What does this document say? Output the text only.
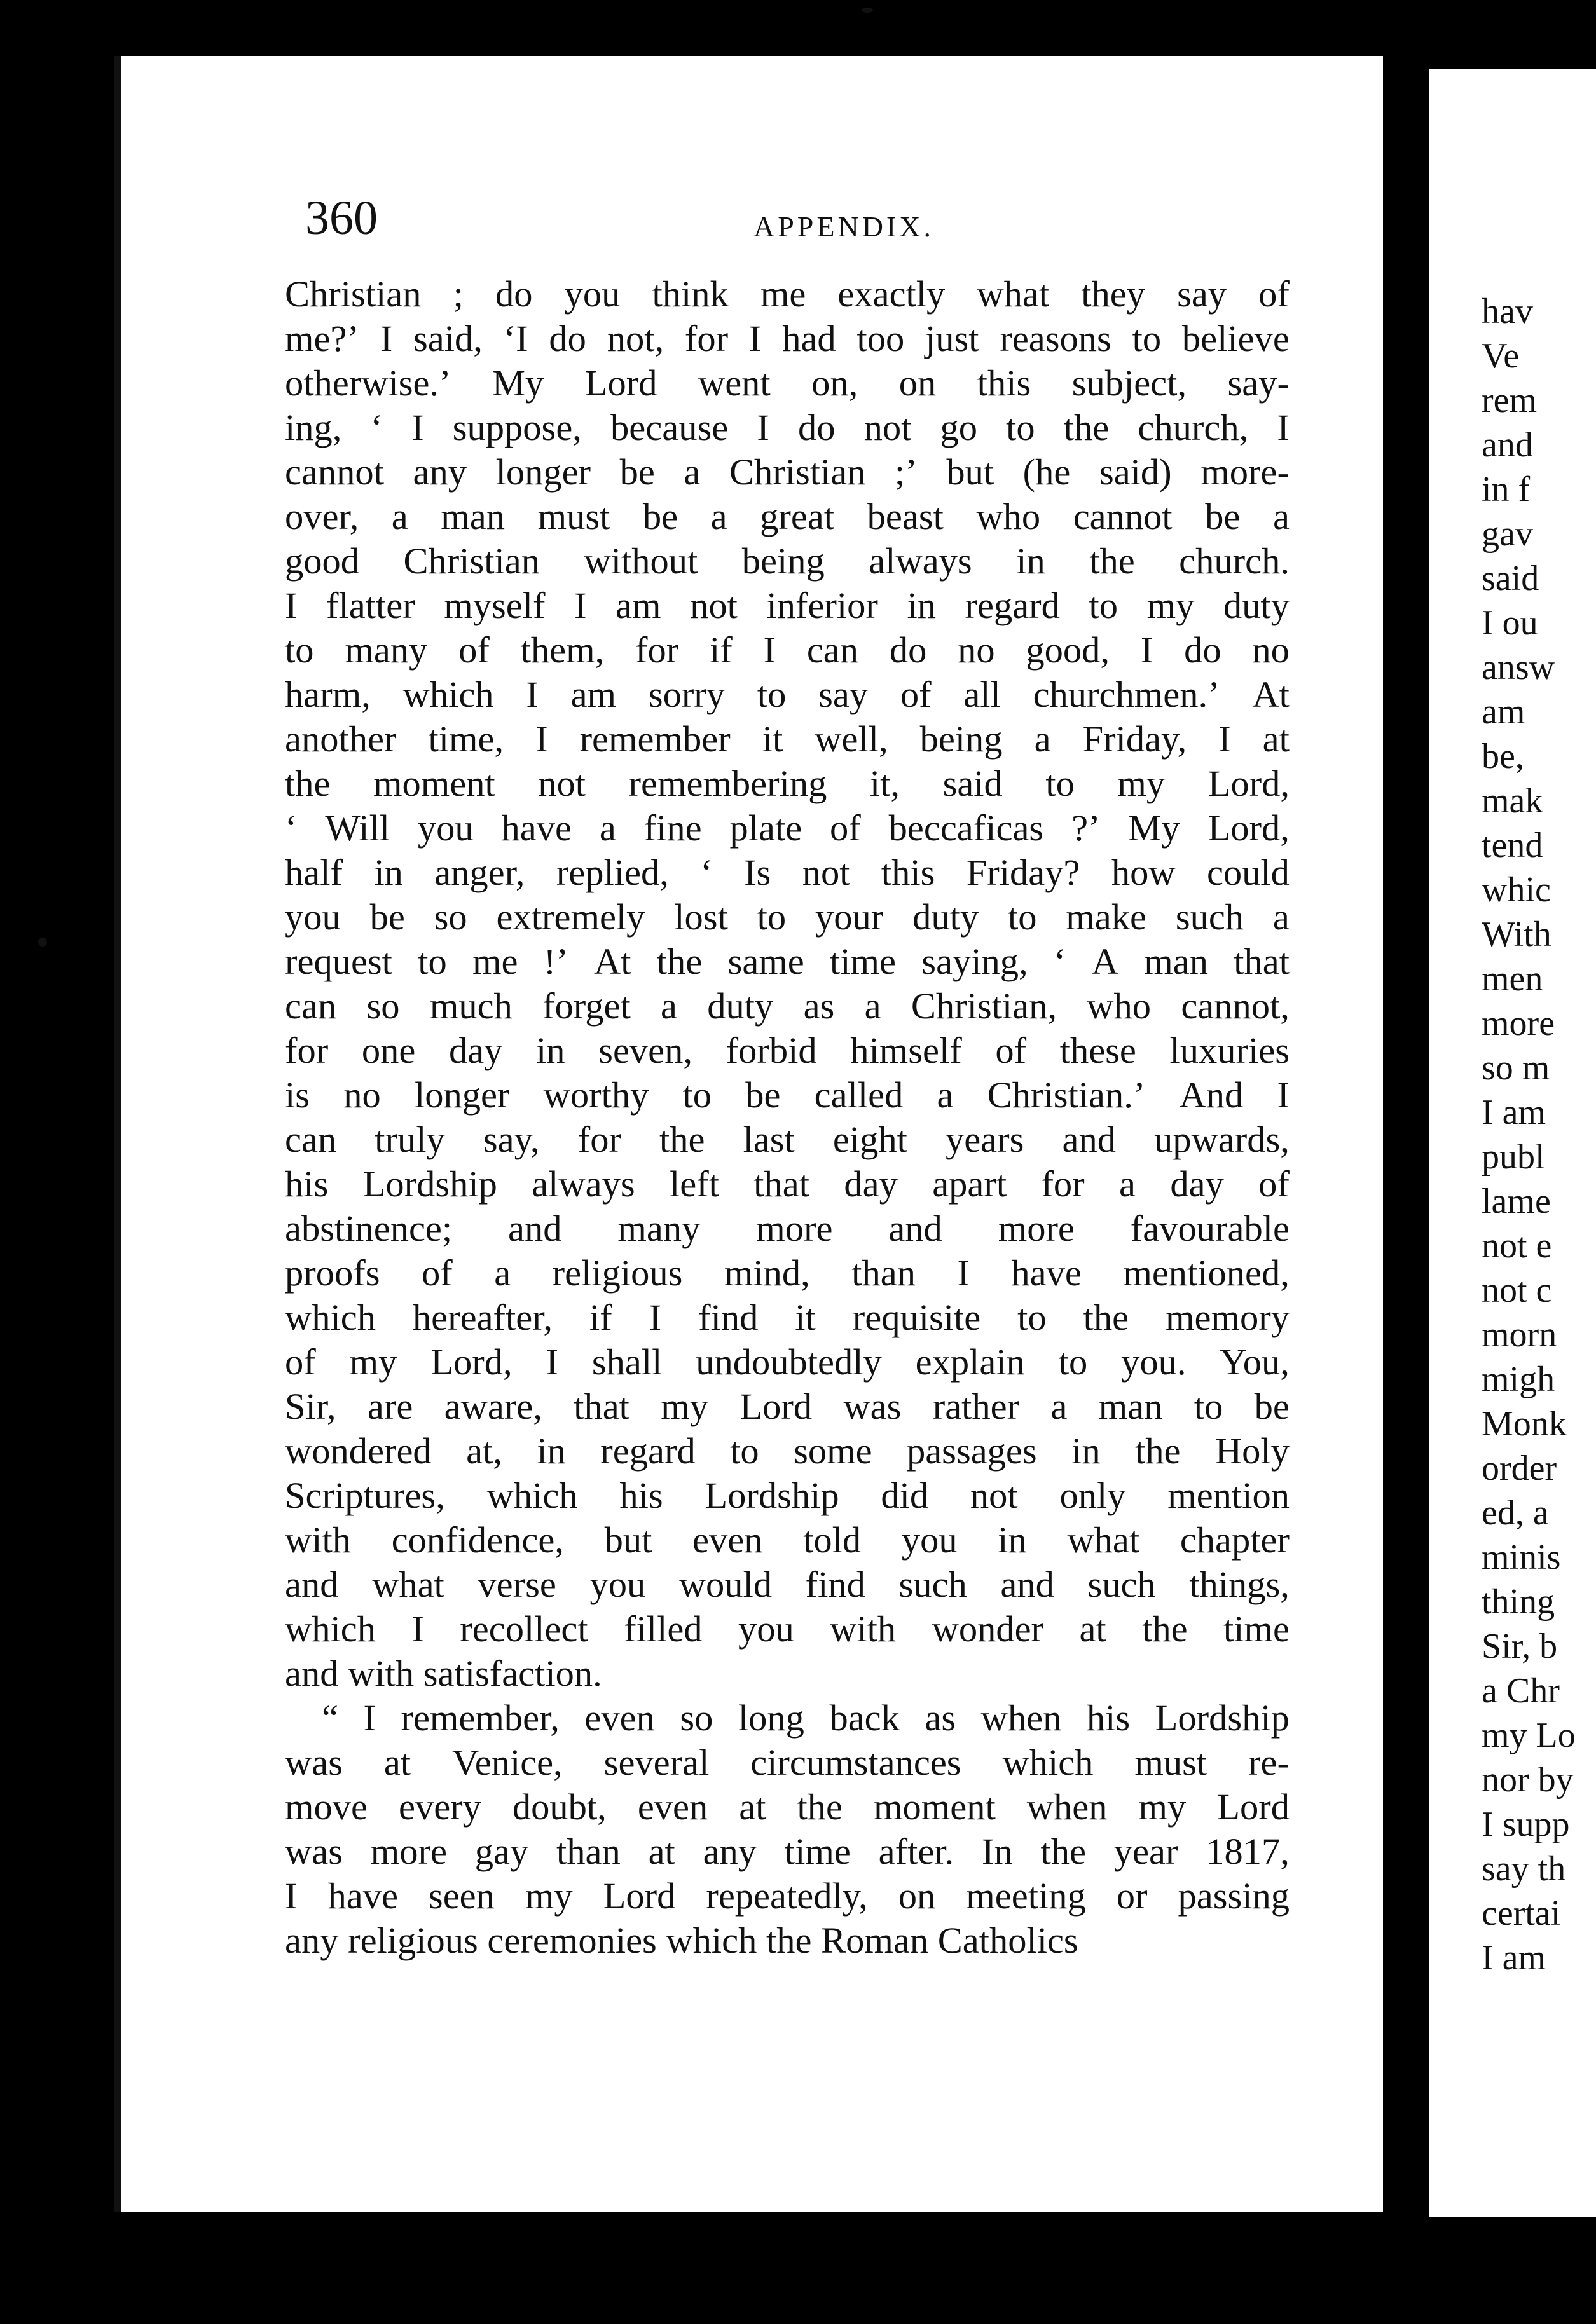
360	APPENDIX.
Christian ; do you think me exactly what they say of
me?’ I said, ‘I do not, for I had too just reasons to believe
otherwise.’ My Lord went on, on this subject, say-
ing, ‘ I suppose, because I do not go to the church, I
cannot any longer be a Christian ;’ but (he said) more-
over, a man must be a great beast who cannot be a
good Christian without being always in the church.
I flatter myself I am not inferior in regard to my duty
to many of them, for if I can do no good, I do no
harm, which I am sorry to say of all churchmen.’ At
another time, I remember it well, being a Friday, I at
the moment not remembering it, said to my Lord,
‘ Will you have a fine plate of beccaficas ?’ My Lord,
half in anger, replied, ‘ Is not this Friday? how could
you be so extremely lost to your duty to make such a
request to me !’ At the same time saying, ‘ A man that
can so much forget a duty as a Christian, who cannot,
for one day in seven, forbid himself of these luxuries
is no longer worthy to be called a Christian.’ And I
can truly say, for the last eight years and upwards,
his Lordship always left that day apart for a day of
abstinence; and many more and more favourable
proofs of a religious mind, than I have mentioned,
which hereafter, if I find it requisite to the memory
of my Lord, I shall undoubtedly explain to you. You,
Sir, are aware, that my Lord was rather a man to be
wondered at, in regard to some passages in the Holy
Scriptures, which his Lordship did not only mention
with confidence, but even told you in what chapter
and what verse you would find such and such things,
which I recollect filled you with wonder at the time
and with satisfaction.
“ I remember, even so long back as when his Lordship
was at Venice, several circumstances which must re-
move every doubt, even at the moment when my Lord
was more gay than at any time after. In the year 1817,
I have seen my Lord repeatedly, on meeting or passing
any religious ceremonies which the Roman Catholics
hav
Ve
rem
and
in f
gav
said
I ou
answ
am
be,
mak
tend
whic
With
men
more
so m
I am
publ
lame
not e
not c
morn
migh
Monk
order
ed, a
minis
thing
Sir, b
a Chr
my Lo
nor by
I supp
say th
certai
I am
